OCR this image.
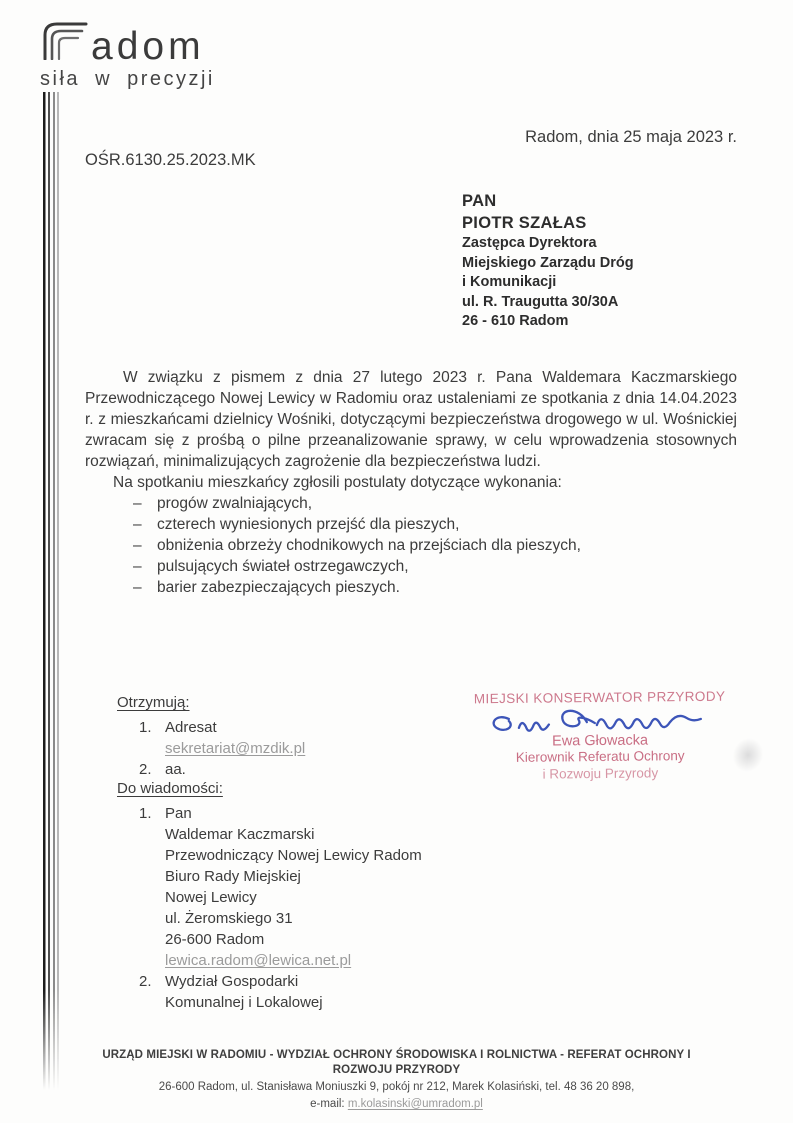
adom
siła w precyzji
Radom, dnia 25 maja 2023 r.
OŚR.6130.25.2023.MK
PAN
PIOTR SZAŁAS
Zastępca Dyrektora
Miejskiego Zarządu Dróg
i Komunikacji
ul. R. Traugutta 30/30A
26 - 610 Radom

W związku z pismem z dnia 27 lutego 2023 r. Pana Waldemara Kaczmarskiego Przewodniczącego Nowej Lewicy w Radomiu oraz ustaleniami ze spotkania z dnia 14.04.2023 r. z mieszkańcami dzielnicy Wośniki, dotyczącymi bezpieczeństwa drogowego w ul. Wośnickiej zwracam się z prośbą o pilne przeanalizowanie sprawy, w celu wprowadzenia stosownych rozwiązań, minimalizujących zagrożenie dla bezpieczeństwa ludzi.

Na spotkaniu mieszkańcy zgłosili postulaty dotyczące wykonania:

– progów zwalniających,
– czterech wyniesionych przejść dla pieszych,
– obniżenia obrzeży chodnikowych na przejściach dla pieszych,
– pulsujących świateł ostrzegawczych,
– barier zabezpieczających pieszych.
Otrzymują:
1. Adresat
sekretariat@mzdik.pl
2. aa.
MIEJSKI KONSERWATOR PRZYRODY
Ewa Głowacka
Kierownik Referatu Ochrony
i Rozwoju Przyrody
Do wiadomości:
1. Pan
Waldemar Kaczmarski
Przewodniczący Nowej Lewicy Radom
Biuro Rady Miejskiej
Nowej Lewicy
ul. Żeromskiego 31
26-600 Radom
lewica.radom@lewica.net.pl
2. Wydział Gospodarki
Komunalnej i Lokalowej
URZĄD MIEJSKI W RADOMIU - WYDZIAŁ OCHRONY ŚRODOWISKA I ROLNICTWA - REFERAT OCHRONY I ROZWOJU PRZYRODY
26-600 Radom, ul. Stanisława Moniuszki 9, pokój nr 212, Marek Kolasiński, tel. 48 36 20 898,
e-mail: m.kolasinski@umradom.pl
